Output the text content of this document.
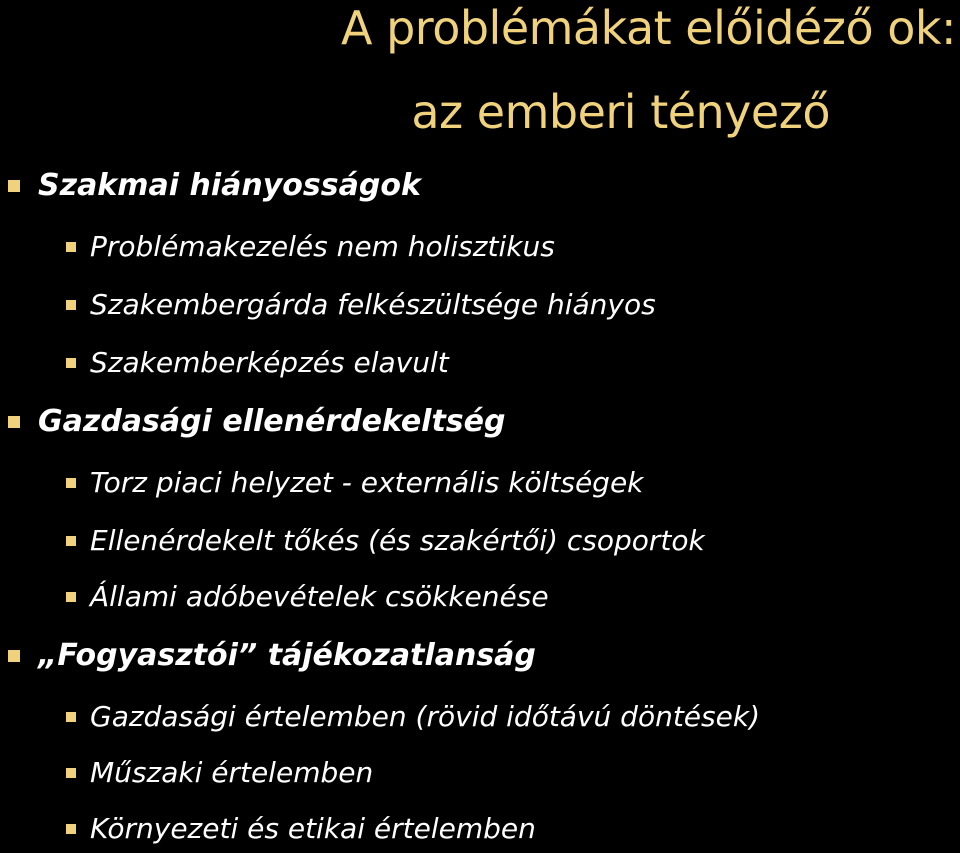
A problémákat előidéző ok:
az emberi tényező
Szakmai hiányosságok
Problémakezelés nem holisztikus
Szakembergárda felkészültsége hiányos
Szakemberképzés elavult
Gazdasági ellenérdekeltség
Torz piaci helyzet - externális költségek
Ellenérdekelt tőkés (és szakértői) csoportok
Állami adóbevételek csökkenése
„Fogyasztói” tájékozatlanság
Gazdasági értelemben (rövid időtávú döntések)
Műszaki értelemben
Környezeti és etikai értelemben
